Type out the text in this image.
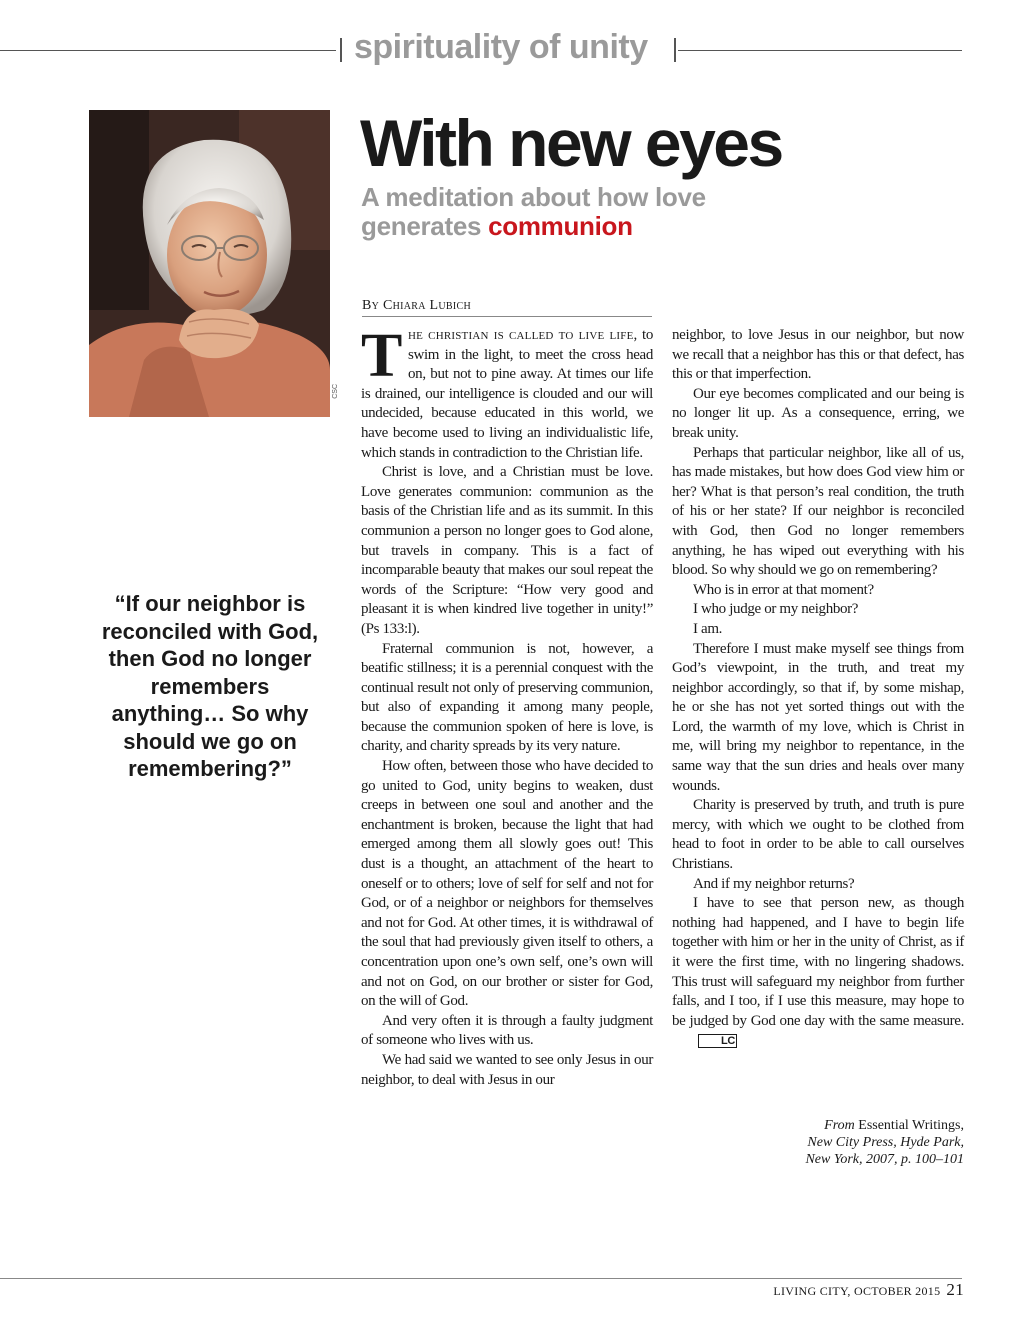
spirituality of unity
CSC
With new eyes
A meditation about how love generates communion
By Chiara Lubich
“If our neighbor is reconciled with God, then God no longer remembers anything… So why should we go on remembering?”

The christian is called to live life, to swim in the light, to meet the cross head on, but not to pine away. At times our life is drained, our intelligence is clouded and our will undecided, because educated in this world, we have become used to living an individualistic life, which stands in contradiction to the Christian life.

Christ is love, and a Christian must be love. Love generates communion: communion as the basis of the Christian life and as its summit. In this communion a person no longer goes to God alone, but travels in company. This is a fact of incomparable beauty that makes our soul repeat the words of the Scripture: “How very good and pleasant it is when kindred live together in unity!” (Ps 133:l).

Fraternal communion is not, however, a beatific stillness; it is a perennial conquest with the continual result not only of preserving communion, but also of expanding it among many people, because the communion spoken of here is love, is charity, and charity spreads by its very nature.

How often, between those who have decided to go united to God, unity begins to weaken, dust creeps in between one soul and another and the enchantment is broken, because the light that had emerged among them all slowly goes out! This dust is a thought, an attachment of the heart to oneself or to others; love of self for self and not for God, or of a neighbor or neighbors for themselves and not for God. At other times, it is withdrawal of the soul that had previously given itself to others, a concentration upon one’s own self, one’s own will and not on God, on our brother or sister for God, on the will of God.

And very often it is through a faulty judgment of someone who lives with us.

We had said we wanted to see only Jesus in our neighbor, to deal with Jesus in our

neighbor, to love Jesus in our neighbor, but now we recall that a neighbor has this or that defect, has this or that imperfection.

Our eye becomes complicated and our being is no longer lit up. As a consequence, erring, we break unity.

Perhaps that particular neighbor, like all of us, has made mistakes, but how does God view him or her? What is that person’s real condition, the truth of his or her state? If our neighbor is reconciled with God, then God no longer remembers anything, he has wiped out everything with his blood. So why should we go on remembering?

Who is in error at that moment?

I who judge or my neighbor?

I am.

Therefore I must make myself see things from God’s viewpoint, in the truth, and treat my neighbor accordingly, so that if, by some mishap, he or she has not yet sorted things out with the Lord, the warmth of my love, which is Christ in me, will bring my neighbor to repentance, in the same way that the sun dries and heals over many wounds.

Charity is preserved by truth, and truth is pure mercy, with which we ought to be clothed from head to foot in order to be able to call ourselves Christians.

And if my neighbor returns?

I have to see that person new, as though nothing had happened, and I have to begin life together with him or her in the unity of Christ, as if it were the first time, with no lingering shadows. This trust will safeguard my neighbor from further falls, and I too, if I use this measure, may hope to be judged by God one day with the same measure.LC

From Essential Writings,
New City Press, Hyde Park,
New York, 2007, p. 100–101
LIVING CITY, OCTOBER 2015 21
